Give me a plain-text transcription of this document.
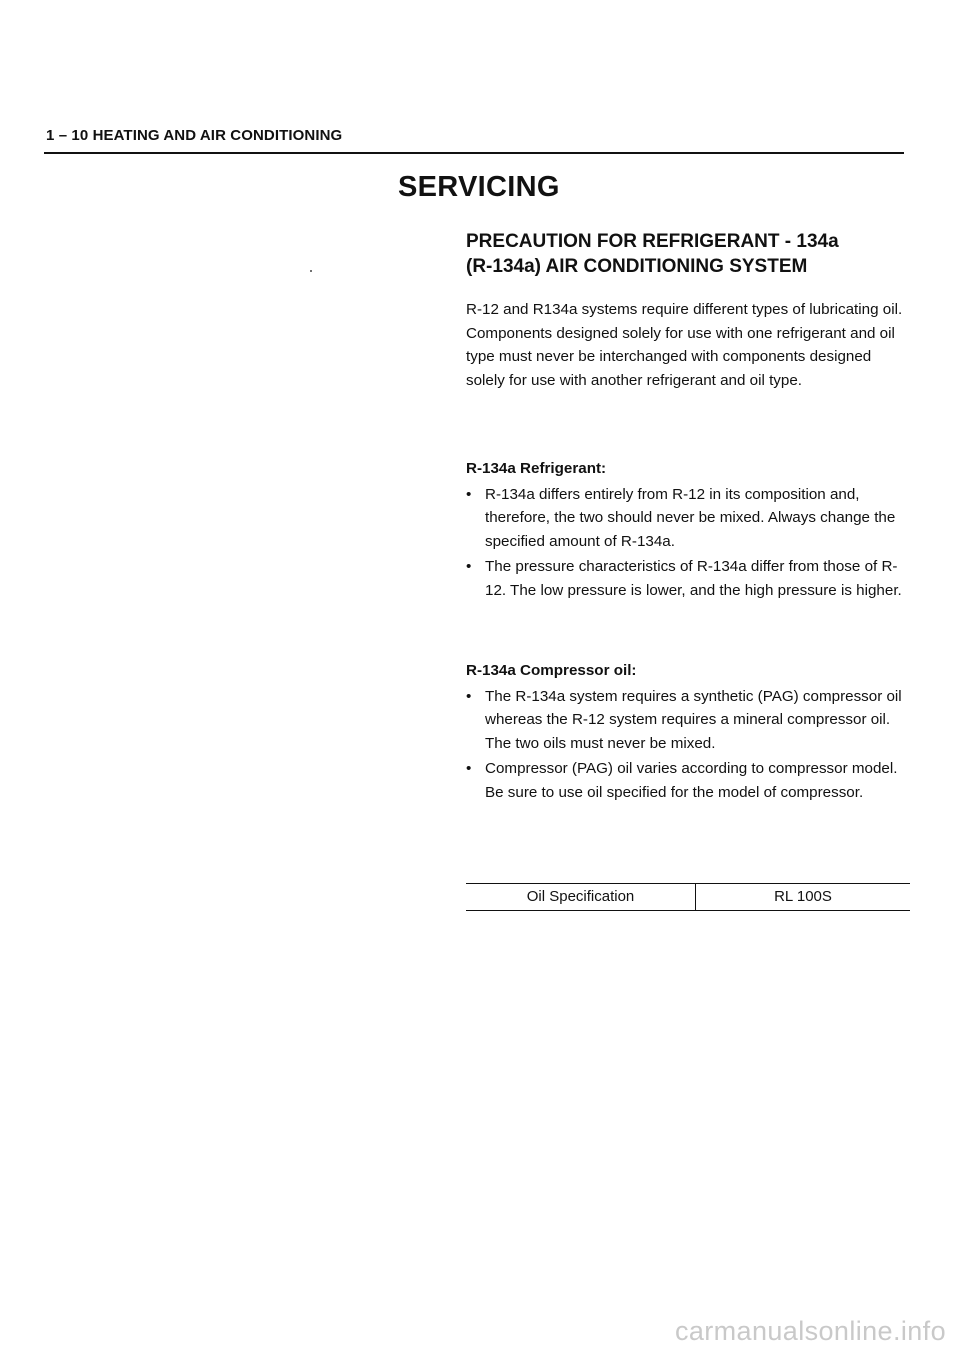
1 – 10 HEATING AND AIR CONDITIONING
SERVICING
PRECAUTION FOR REFRIGERANT - 134a
(R-134a) AIR CONDITIONING SYSTEM
R-12 and R134a systems require different types of lubricating oil. Components designed solely for use with one refrigerant and oil type must never be interchanged with components designed solely for use with another refrigerant and oil type.
R-134a Refrigerant:
• R-134a differs entirely from R-12 in its composition and, therefore, the two should never be mixed. Always change the specified amount of R-134a.
• The pressure characteristics of R-134a differ from those of R-12. The low pressure is lower, and the high pressure is higher.
R-134a Compressor oil:
• The R-134a system requires a synthetic (PAG) compressor oil whereas the R-12 system requires a mineral compressor oil. The two oils must never be mixed.
• Compressor (PAG) oil varies according to compressor model. Be sure to use oil specified for the model of compressor.
Oil Specification	RL 100S
carmanualsonline.info
